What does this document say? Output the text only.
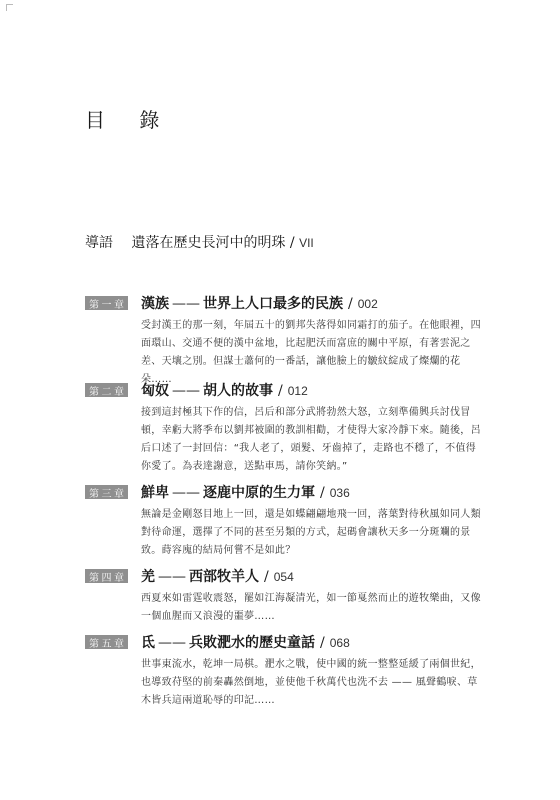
目 錄
導語 遺落在歷史長河中的明珠 / VII
第 一 章 漢族 —— 世界上人口最多的民族 / 002
受封漢王的那一刻，年屆五十的劉邦失落得如同霜打的茄子。在他眼裡，四面環山、交通不便的漢中盆地，比起肥沃而富庶的關中平原，有著雲泥之差、天壤之別。但謀士蕭何的一番話，讓他臉上的皺紋綻成了燦爛的花朵……
第 二 章 匈奴 —— 胡人的故事 / 012
接到這封極其下作的信，呂后和部分武將勃然大怒，立刻準備興兵討伐冒頓，幸虧大將季布以劉邦被圍的教訓相勸，才使得大家冷靜下來。隨後，呂后口述了一封回信：“我人老了，頭髮、牙齒掉了，走路也不穩了，不值得你愛了。為表達謝意，送點車馬，請你笑納。”
第 三 章 鮮卑 —— 逐鹿中原的生力軍 / 036
無論是金剛怒目地上一回，還是如蝶翩翩地飛一回，落葉對待秋風如同人類對待命運，選擇了不同的甚至另類的方式，起碼會讓秋天多一分斑斕的景致。蒔容廆的結局何嘗不是如此？
第 四 章 羌 —— 西部牧羊人 / 054
西夏來如雷霆收震怒，罷如江海凝清光，如一節戛然而止的遊牧樂曲，又像一個血腥而又浪漫的噩夢……
第 五 章 氐 —— 兵敗淝水的歷史童話 / 068
世事東流水，乾坤一局棋。淝水之戰，使中國的統一整整延緩了兩個世紀，也導致苻堅的前秦轟然倒地，並使他千秋萬代也洗不去 —— 風聲鶴唳、草木皆兵這兩道恥辱的印記……
